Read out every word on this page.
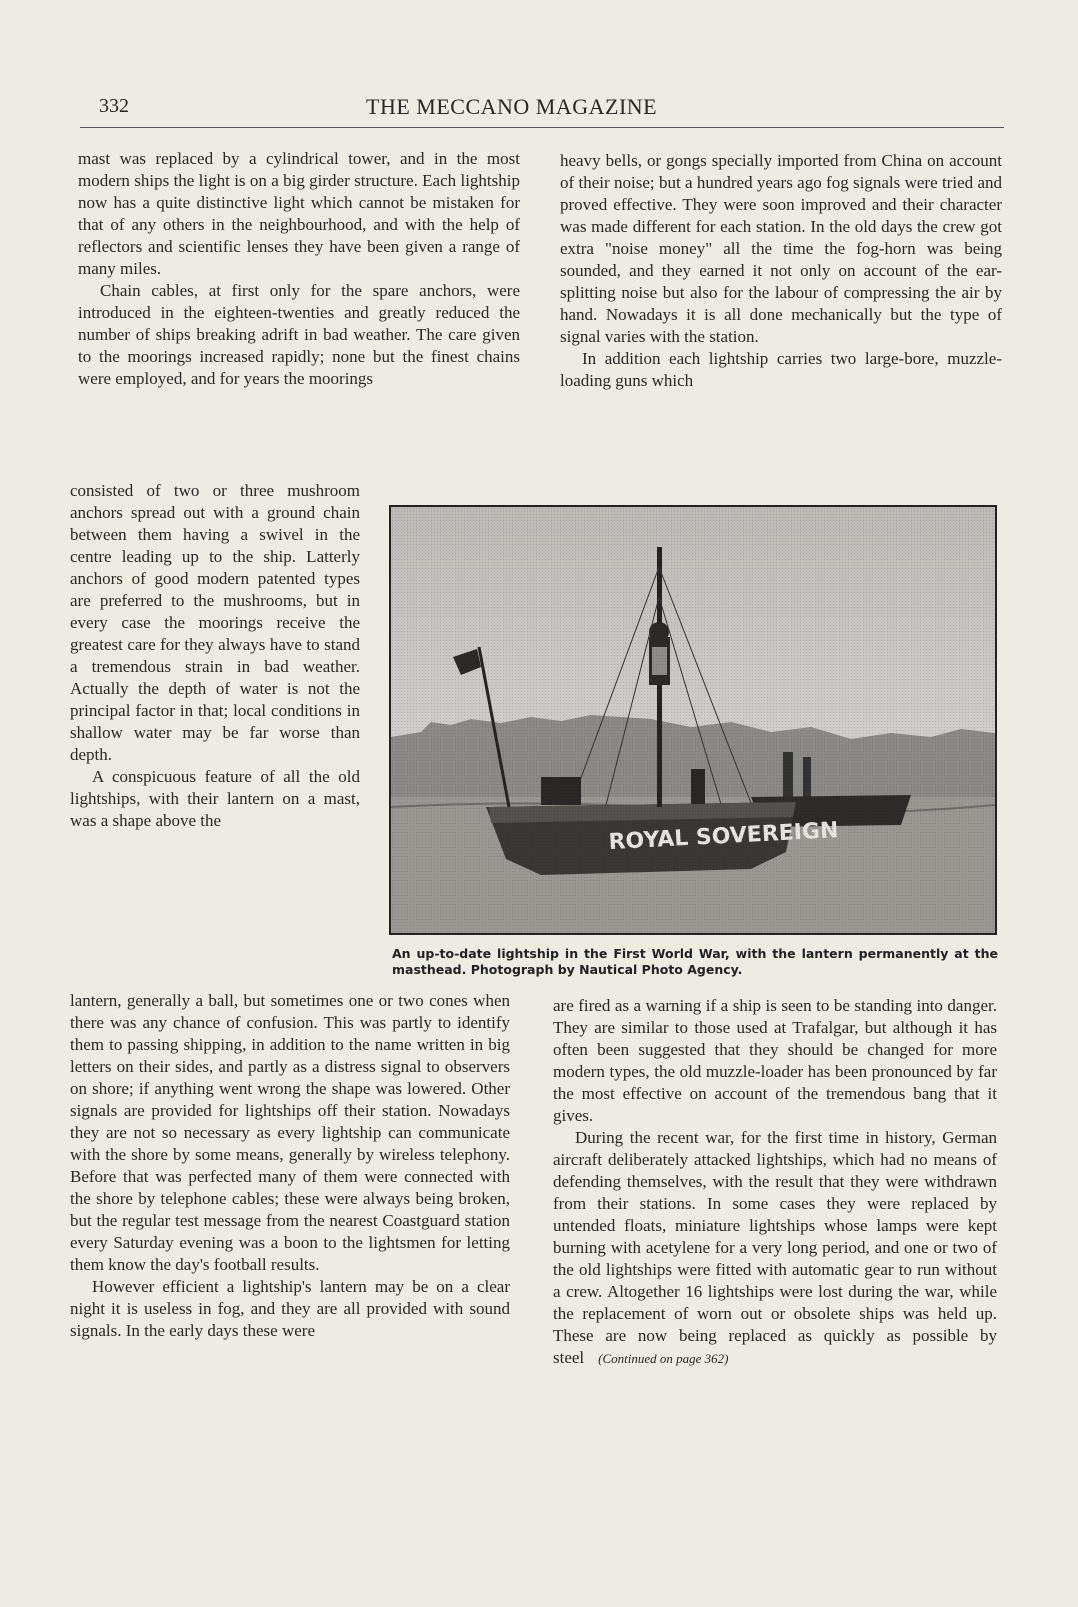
332	THE MECCANO MAGAZINE

mast was replaced by a cylindrical tower, and in the most modern ships the light is on a big girder structure. Each lightship now has a quite distinctive light which cannot be mistaken for that of any others in the neighbourhood, and with the help of reflectors and scientific lenses they have been given a range of many miles.

Chain cables, at first only for the spare anchors, were introduced in the eighteen-twenties and greatly reduced the number of ships breaking adrift in bad weather. The care given to the moorings increased rapidly; none but the finest chains were employed, and for years the moorings

consisted of two or three mushroom anchors spread out with a ground chain between them having a swivel in the centre leading up to the ship. Latterly anchors of good modern patented types are preferred to the mushrooms, but in every case the moorings receive the greatest care for they always have to stand a tremendous strain in bad weather. Actually the depth of water is not the principal factor in that; local conditions in shallow water may be far worse than depth.

A conspicuous feature of all the old lightships, with their lantern on a mast, was a shape above the

lantern, generally a ball, but sometimes one or two cones when there was any chance of confusion. This was partly to identify them to passing shipping, in addition to the name written in big letters on their sides, and partly as a distress signal to observers on shore; if anything went wrong the shape was lowered. Other signals are provided for lightships off their station. Nowadays they are not so necessary as every lightship can communicate with the shore by some means, generally by wireless telephony. Before that was perfected many of them were connected with the shore by telephone cables; these were always being broken, but the regular test message from the nearest Coastguard station every Saturday evening was a boon to the lightsmen for letting them know the day's football results.

However efficient a lightship's lantern may be on a clear night it is useless in fog, and they are all provided with sound signals. In the early days these were

heavy bells, or gongs specially imported from China on account of their noise; but a hundred years ago fog signals were tried and proved effective. They were soon improved and their character was made different for each station. In the old days the crew got extra "noise money" all the time the fog-horn was being sounded, and they earned it not only on account of the ear-splitting noise but also for the labour of compressing the air by hand. Nowadays it is all done mechanically but the type of signal varies with the station.

In addition each lightship carries two large-bore, muzzle-loading guns which

are fired as a warning if a ship is seen to be standing into danger. They are similar to those used at Trafalgar, but although it has often been suggested that they should be changed for more modern types, the old muzzle-loader has been pronounced by far the most effective on account of the tremendous bang that it gives.

During the recent war, for the first time in history, German aircraft deliberately attacked lightships, which had no means of defending themselves, with the result that they were withdrawn from their stations. In some cases they were replaced by untended floats, miniature lightships whose lamps were kept burning with acetylene for a very long period, and one or two of the old lightships were fitted with automatic gear to run without a crew. Altogether 16 lightships were lost during the war, while the replacement of worn out or obsolete ships was held up. These are now being replaced as quickly as possible by steel (Continued on page 362)

An up-to-date lightship in the First World War, with the lantern permanently at the masthead. Photograph by Nautical Photo Agency.
